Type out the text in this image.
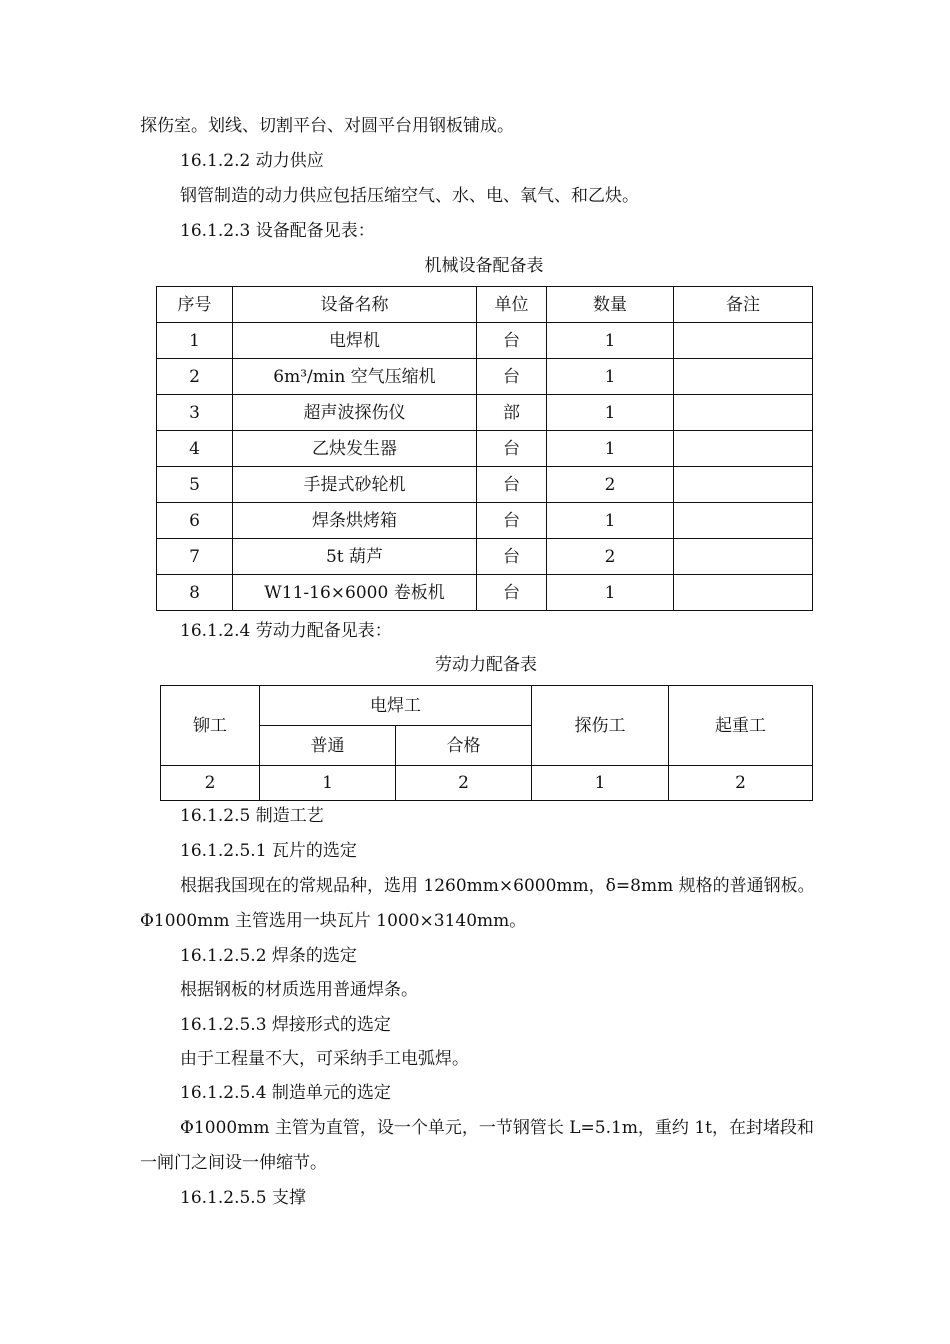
探伤室。划线、切割平台、对圆平台用钢板铺成。
16.1.2.2 动力供应
钢管制造的动力供应包括压缩空气、水、电、氧气、和乙炔。
16.1.2.3 设备配备见表：
机械设备配备表
序号	设备名称	单位	数量	备注
1	电焊机	台	1	
2	6m³/min 空气压缩机	台	1	
3	超声波探伤仪	部	1	
4	乙炔发生器	台	1	
5	手提式砂轮机	台	2	
6	焊条烘烤箱	台	1	
7	5t 葫芦	台	2	
8	W11-16×6000 卷板机	台	1	
16.1.2.4 劳动力配备见表：
劳动力配备表
铆工	电焊工		探伤工	起重工
	普通	合格		
2	1	2	1	2
16.1.2.5 制造工艺
16.1.2.5.1 瓦片的选定
根据我国现在的常规品种，选用 1260mm×6000mm，δ=8mm 规格的普通钢板。
Φ1000mm 主管选用一块瓦片 1000×3140mm。
16.1.2.5.2 焊条的选定
根据钢板的材质选用普通焊条。
16.1.2.5.3 焊接形式的选定
由于工程量不大，可采纳手工电弧焊。
16.1.2.5.4 制造单元的选定
Φ1000mm 主管为直管，设一个单元，一节钢管长 L=5.1m，重约 1t，在封堵段和
一闸门之间设一伸缩节。
16.1.2.5.5 支撑
